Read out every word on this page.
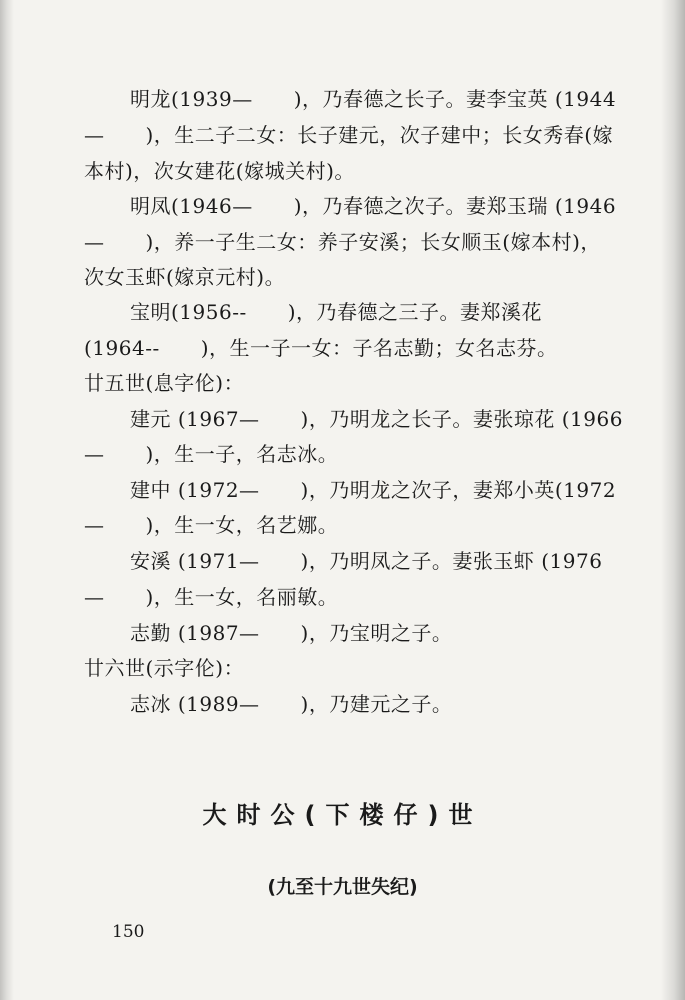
明龙(1939—　　)，乃春德之长子。妻李宝英 (1944
—　　)，生二子二女：长子建元，次子建中；长女秀春(嫁
本村)，次女建花(嫁城关村)。
明凤(1946—　　)，乃春德之次子。妻郑玉瑞 (1946
—　　)，养一子生二女：养子安溪；长女顺玉(嫁本村)，
次女玉虾(嫁京元村)。
宝明(1956--　　)，乃春德之三子。妻郑溪花
(1964--　　)，生一子一女：子名志勤；女名志芬。
廿五世(息字伦)：
建元 (1967—　　)，乃明龙之长子。妻张琼花 (1966
—　　)，生一子，名志冰。
建中 (1972—　　)，乃明龙之次子，妻郑小英(1972
—　　)，生一女，名艺娜。
安溪 (1971—　　)，乃明凤之子。妻张玉虾 (1976
—　　)，生一女，名丽敏。
志勤 (1987—　　)，乃宝明之子。
廿六世(示字伦)：
志冰 (1989—　　)，乃建元之子。
大时公(下楼仔)世
(九至十九世失纪)
150
